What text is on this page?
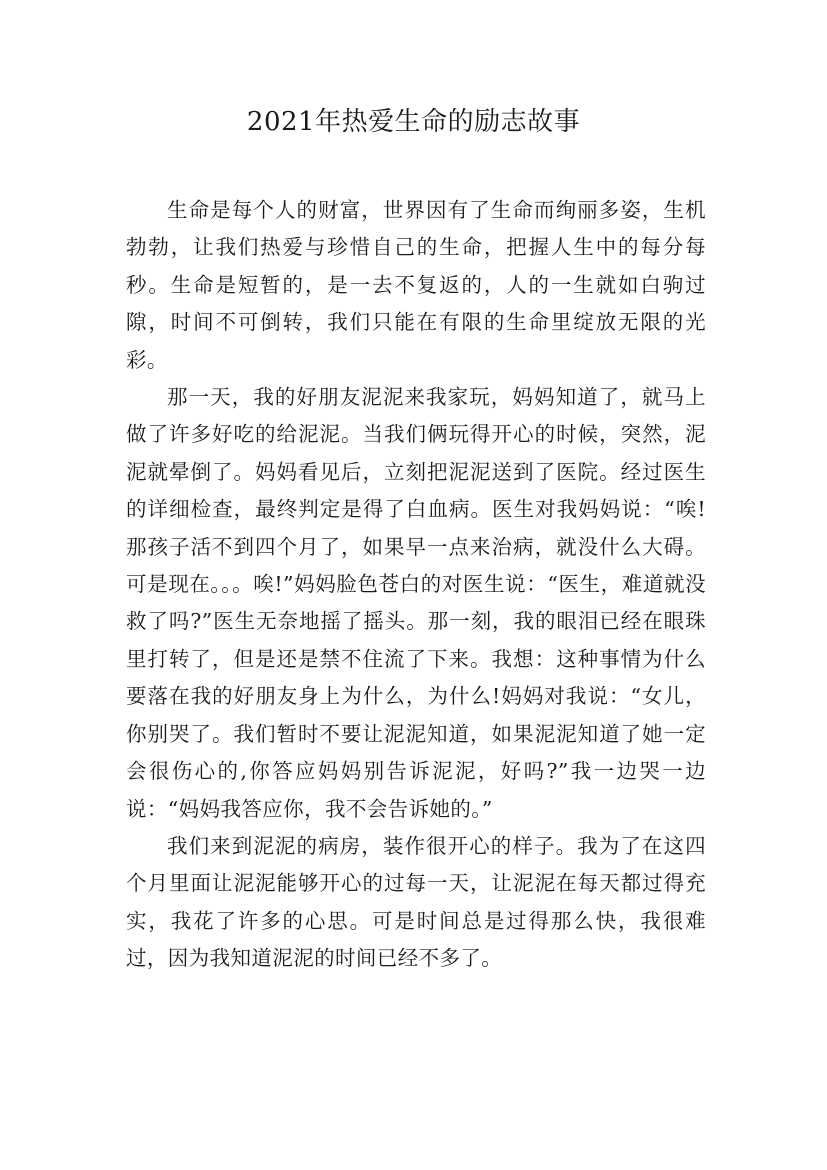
2021年热爱生命的励志故事

生命是每个人的财富，世界因有了生命而绚丽多姿，生机勃勃，让我们热爱与珍惜自己的生命，把握人生中的每分每秒。生命是短暂的，是一去不复返的，人的一生就如白驹过隙，时间不可倒转，我们只能在有限的生命里绽放无限的光彩。

那一天，我的好朋友泥泥来我家玩，妈妈知道了，就马上做了许多好吃的给泥泥。当我们俩玩得开心的时候，突然，泥泥就晕倒了。妈妈看见后，立刻把泥泥送到了医院。经过医生的详细检查，最终判定是得了白血病。医生对我妈妈说：“唉!那孩子活不到四个月了，如果早一点来治病，就没什么大碍。可是现在。。。唉!”妈妈脸色苍白的对医生说：“医生，难道就没救了吗?”医生无奈地摇了摇头。那一刻，我的眼泪已经在眼珠里打转了，但是还是禁不住流了下来。我想：这种事情为什么要落在我的好朋友身上为什么，为什么!妈妈对我说：“女儿，你别哭了。我们暂时不要让泥泥知道，如果泥泥知道了她一定会很伤心的,你答应妈妈别告诉泥泥，好吗?”我一边哭一边说：“妈妈我答应你，我不会告诉她的。”

我们来到泥泥的病房，装作很开心的样子。我为了在这四个月里面让泥泥能够开心的过每一天，让泥泥在每天都过得充实，我花了许多的心思。可是时间总是过得那么快，我很难过，因为我知道泥泥的时间已经不多了。
